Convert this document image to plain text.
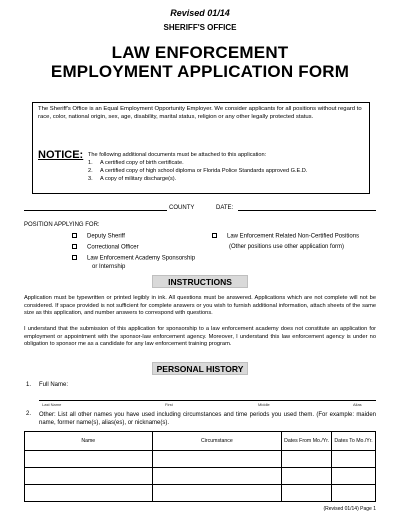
Revised 01/14
SHERIFF'S OFFICE
LAW ENFORCEMENT
EMPLOYMENT APPLICATION FORM
The Sheriff's Office is an Equal Employment Opportunity Employer. We consider applicants for all positions without regard to race, color, national origin, sex, age, disability, marital status, religion or any other legally protected status.
NOTICE: The following additional documents must be attached to this application:
1. A certified copy of birth certificate.
2. A certified copy of high school diploma or Florida Police Standards approved G.E.D.
3. A copy of military discharge(s).
COUNTY	DATE:
POSITION APPLYING FOR:
Deputy Sheriff
Correctional Officer
Law Enforcement Academy Sponsorship
or Internship
Law Enforcement Related Non-Certified Positions
(Other positions use other application form)
INSTRUCTIONS
Application must be typewritten or printed legibly in ink. All questions must be answered. Applications which are not complete will not be considered. If space provided is not sufficient for complete answers or you wish to furnish additional information, attach sheets of the same size as this application, and number answers to correspond with questions.
I understand that the submission of this application for sponsorship to a law enforcement academy does not constitute an application for employment or appointment with the sponsor-law enforcement agency. Moreover, I understand this law enforcement agency is under no obligation to sponsor me as a candidate for any law enforcement training program.
PERSONAL HISTORY
1. Full Name:
Last Name	First	Middle	Alias
2. Other: List all other names you have used including circumstances and time periods you used them. (For example: maiden name, former name(s), alias(es), or nickname(s).
Name	Circumstance	Dates From Mo./Yr.	Dates To Mo./Yr.

(Revised 01/14) Page 1
